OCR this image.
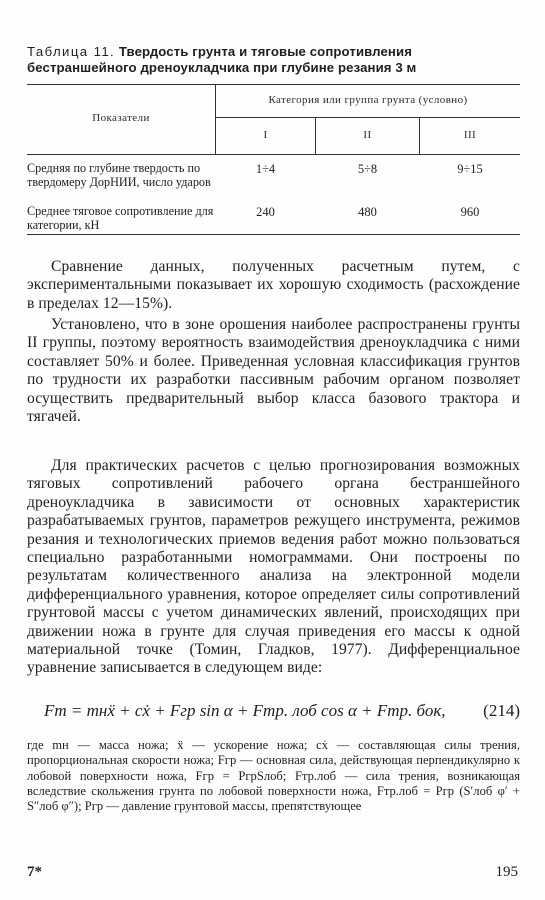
Таблица 11. Твердость грунта и тяговые сопротивления
бестраншейного дреноукладчика при глубине резания 3 м
Показатели
Категория или группа грунта (условно)
I	II	III
Средняя по глубине твердость по твердомеру ДорНИИ, число ударов
1÷4	5÷8	9÷15
Среднее тяговое сопротивление для категории, кН
240	480	960

Сравнение данных, полученных расчетным путем, с экспериментальными показывает их хорошую сходимость (расхождение в пределах 12—15%).

Установлено, что в зоне орошения наиболее распространены грунты II группы, поэтому вероятность взаимодействия дреноукладчика с ними составляет 50% и более. Приведенная условная классификация грунтов по трудности их разработки пассивным рабочим органом позволяет осуществить предварительный выбор класса базового трактора и тягачей.

Для практических расчетов с целью прогнозирования возможных тяговых сопротивлений рабочего органа бестраншейного дреноукладчика в зависимости от основных характеристик разрабатываемых грунтов, параметров режущего инструмента, режимов резания и технологических приемов ведения работ можно пользоваться специально разработанными номограммами. Они построены по результатам количественного анализа на электронной модели дифференциального уравнения, которое определяет силы сопротивлений грунтовой массы с учетом динамических явлений, происходящих при движении ножа в грунте для случая приведения его массы к одной материальной точке (Томин, Гладков, 1977). Дифференциальное уравнение записывается в следующем виде:

Fт = mнẍ + cẋ + Fгр sin α + Fтр. лоб cos α + Fтр. бок, (214)

где mн — масса ножа; ẍ — ускорение ножа; cẋ — составляющая силы трения, пропорциональная скорости ножа; Fгр — основная сила, действующая перпендикулярно к лобовой поверхности ножа, Fгр = PгрSлоб; Fтр.лоб — сила трения, возникающая вследствие скольжения грунта по лобовой поверхности ножа, Fтр.лоб = Pгр (S′лоб φ′ + S″лоб φ″); Pгр — давление грунтовой массы, препятствующее

7*	195
